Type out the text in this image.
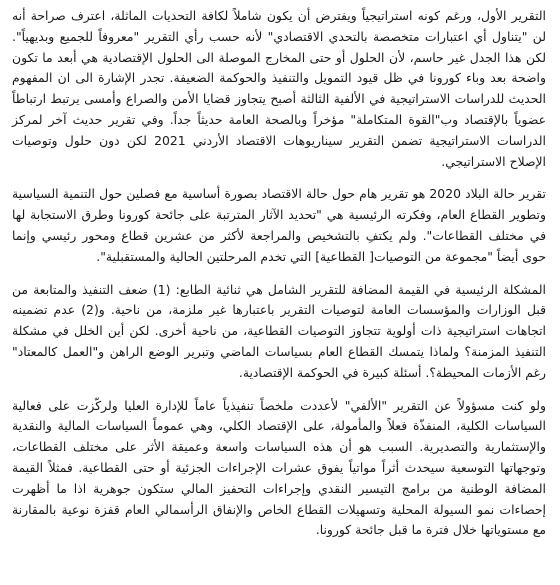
التقرير الأول، ورغم كونه استراتيجياً ويفترض أن يكون شاملاً لكافة التحديات الماثلة، اعترف صراحة أنه لن "يتناول أي اعتبارات متخصصة بالتحدي الاقتصادي" لأنه حسب رأي التقرير "معروفاً للجميع وبديهياً". لكن هذا الجدل غير حاسم، لأن الحلول أو حتى المخارج الموصلة الى الحلول الإقتصادية هي أبعد ما تكون واضحة بعد وباء كورونا في ظل قيود التمويل والتنفيذ والحوكمة الضعيفة. تجدر الإشارة الى ان المفهوم الحديث للدراسات الاستراتيجية في الألفية الثالثة أصبح يتجاوز قضايا الأمن والصراع وأمسى يرتبط ارتباطاً عضوياً بالإقتصاد وب"القوة المتكاملة" مؤخراً وبالصحة العامة حديثاً جداً. وفي تقرير حديث آخر لمركز الدراسات الاستراتيجية تضمن التقرير سيناريوهات الاقتصاد الأردني 2021 لكن دون حلول وتوصيات الإصلاح الاستراتيجي.

تقرير حالة البلاد 2020 هو تقرير هام حول حالة الاقتصاد بصورة أساسية مع فصلين حول التنمية السياسية وتطوير القطاع العام، وفكرته الرئيسية هي "تحديد الآثار المترتبة على جائحة كورونا وطرق الاستجابة لها في مختلف القطاعات". ولم يكتفِ بالتشخيص والمراجعة لأكثر من عشرين قطاع ومحور رئيسي وإنما حوى أيضاً "مجموعة من التوصيات[ القطاعية] التي تخدم المرحلتين الحالية والمستقبلية".

المشكلة الرئيسية في القيمة المضافة للتقرير الشامل هي ثنائية الطابع: (1) ضعف التنفيذ والمتابعة من قبل الوزارات والمؤسسات العامة لتوصيات التقرير باعتبارها غير ملزمة، من ناحية. و(2) عدم تضمينه اتجاهات استراتيجية ذات أولوية تتجاوز التوصيات القطاعية، من ناحية أخرى. لكن أين الخلل في مشكلة التنفيذ المزمنة؟ ولماذا يتمسك القطاع العام بسياسات الماضي وتبرير الوضع الراهن و"العمل كالمعتاد" رغم الأزمات المحيطة؟. أسئلة كبيرة في الحوكمة الإقتصادية.

ولو كنت مسؤولاً عن التقرير "الألفي" لأعددت ملخصاً تنفيذياً عاماً للإدارة العليا ولركّزت على فعالية السياسات الكلية، المنفذّة فعلاً والمأمولة، على الإقتصاد الكلي، وهي عموماً السياسات المالية والنقدية والإستثمارية والتصديرية. السبب هو أن هذه السياسات واسعة وعميقة الأثر على مختلف القطاعات، وتوجهاتها التوسعية سيحدث أثراً مواتياً يفوق عشرات الإجراءات الجزئية أو حتى القطاعية. فمثلاً القيمة المضافة الوطنية من برامج التيسير النقدي وإجراءات التحفيز المالي ستكون جوهرية اذا ما أظهرت إحصاءات نمو السيولة المحلية وتسهيلات القطاع الخاص والإنفاق الرأسمالي العام قفزة نوعية بالمقارنة مع مستوياتها خلال فترة ما قبل جائحة كورونا.
